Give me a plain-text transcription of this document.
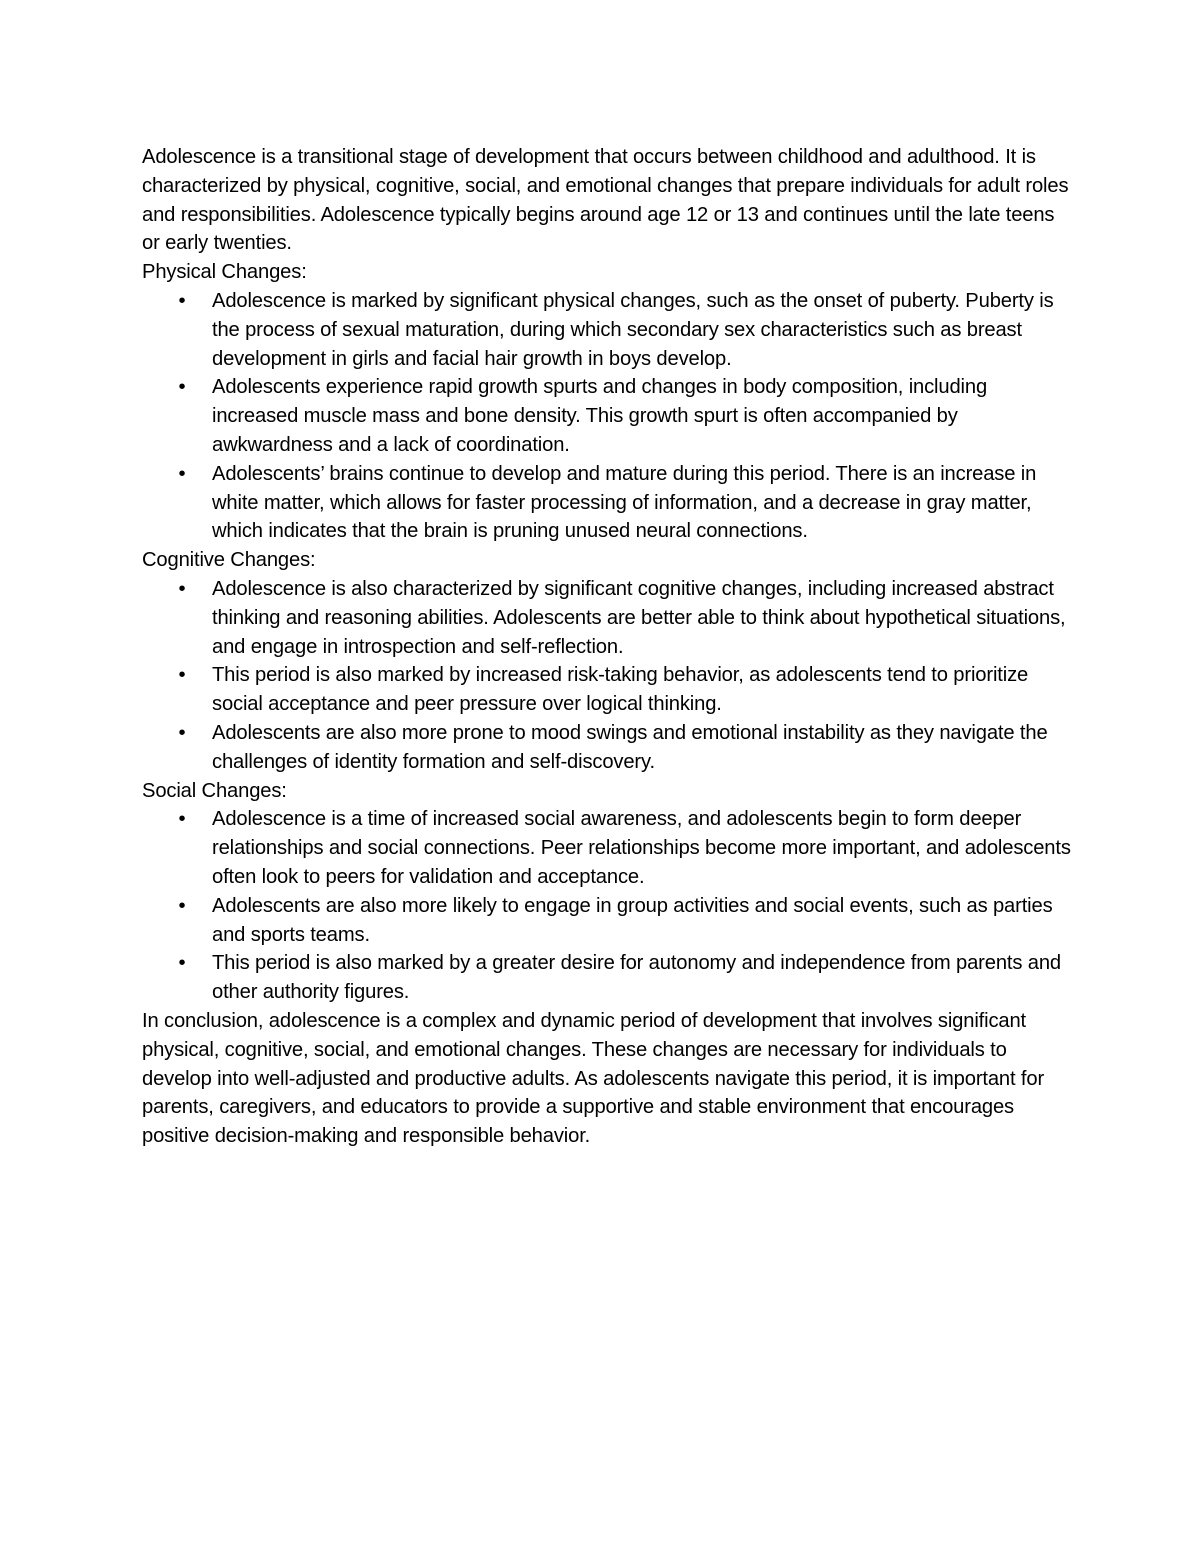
Adolescence is a transitional stage of development that occurs between childhood and adulthood. It is characterized by physical, cognitive, social, and emotional changes that prepare individuals for adult roles and responsibilities. Adolescence typically begins around age 12 or 13 and continues until the late teens or early twenties.

Physical Changes:

• Adolescence is marked by significant physical changes, such as the onset of puberty. Puberty is the process of sexual maturation, during which secondary sex characteristics such as breast development in girls and facial hair growth in boys develop.
• Adolescents experience rapid growth spurts and changes in body composition, including increased muscle mass and bone density. This growth spurt is often accompanied by awkwardness and a lack of coordination.
• Adolescents’ brains continue to develop and mature during this period. There is an increase in white matter, which allows for faster processing of information, and a decrease in gray matter, which indicates that the brain is pruning unused neural connections.

Cognitive Changes:

• Adolescence is also characterized by significant cognitive changes, including increased abstract thinking and reasoning abilities. Adolescents are better able to think about hypothetical situations, and engage in introspection and self-reflection.
• This period is also marked by increased risk-taking behavior, as adolescents tend to prioritize social acceptance and peer pressure over logical thinking.
• Adolescents are also more prone to mood swings and emotional instability as they navigate the challenges of identity formation and self-discovery.

Social Changes:

• Adolescence is a time of increased social awareness, and adolescents begin to form deeper relationships and social connections. Peer relationships become more important, and adolescents often look to peers for validation and acceptance.
• Adolescents are also more likely to engage in group activities and social events, such as parties and sports teams.
• This period is also marked by a greater desire for autonomy and independence from parents and other authority figures.

In conclusion, adolescence is a complex and dynamic period of development that involves significant physical, cognitive, social, and emotional changes. These changes are necessary for individuals to develop into well-adjusted and productive adults. As adolescents navigate this period, it is important for parents, caregivers, and educators to provide a supportive and stable environment that encourages positive decision-making and responsible behavior.
